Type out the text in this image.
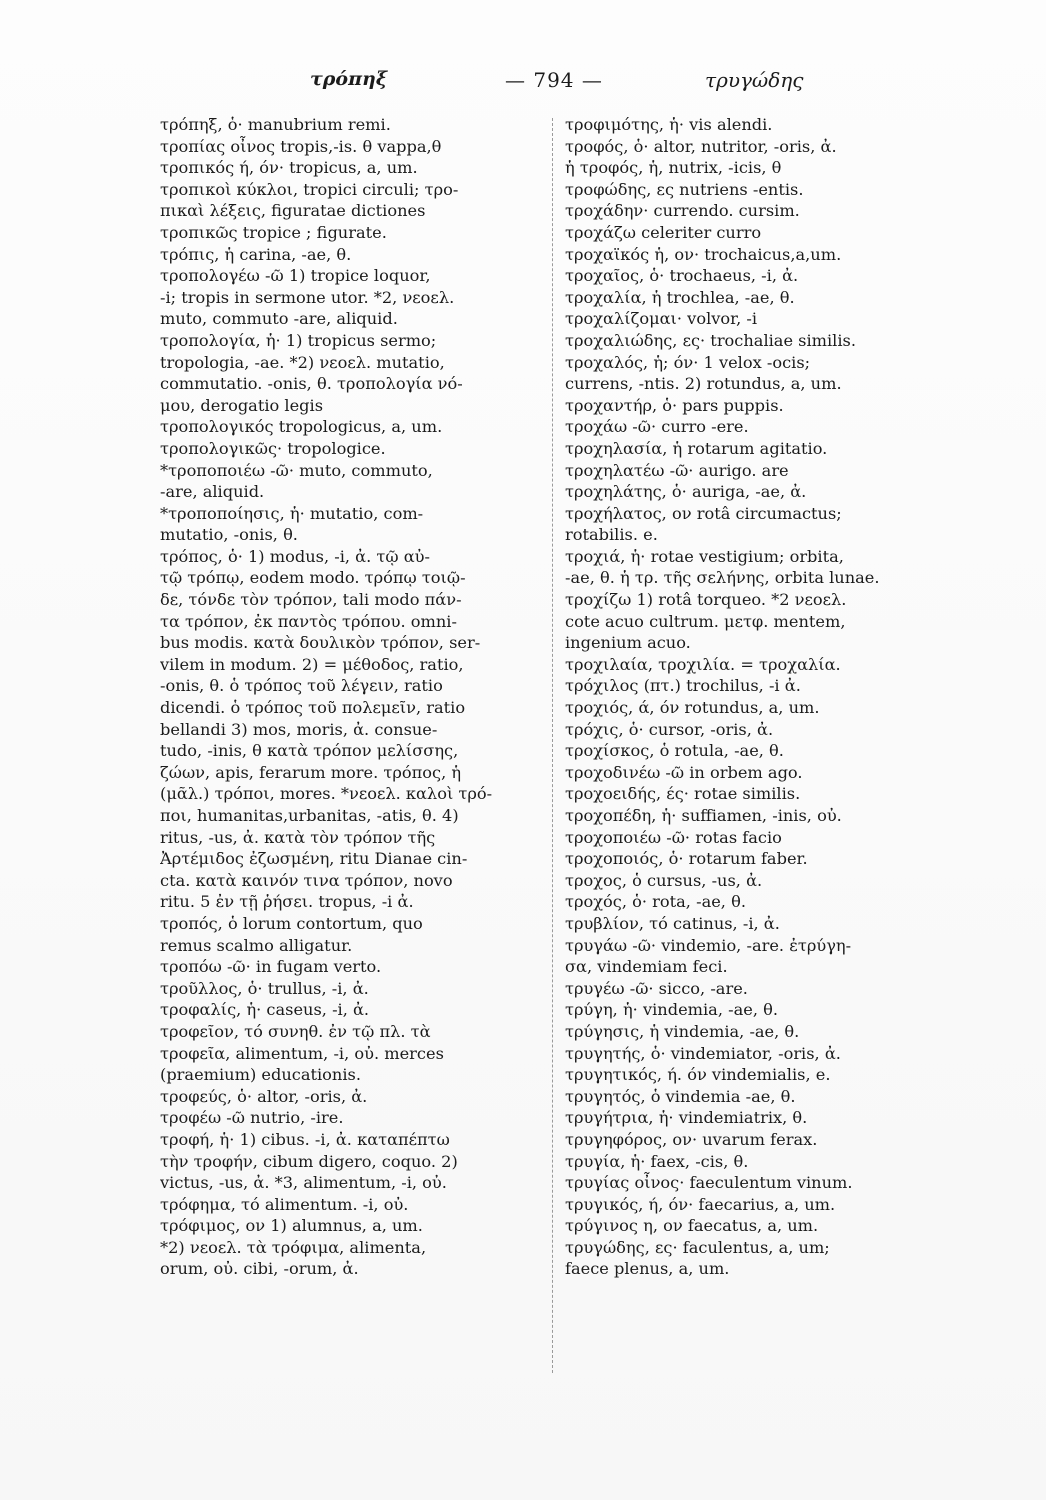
τρόπηξ	— 794 —	τρυγώδης
τρόπηξ, ὁ· manubrium remi.
τροπίας οἶνος tropis,-is. θ vappa,θ
τροπικός ή, όν· tropicus, a, um.
τροπικοὶ κύκλοι, tropici circuli; τρο-
πικαὶ λέξεις, figuratae dictiones
τροπικῶς tropice ; figurate.
τρόπις, ἡ carina, -ae, θ.
τροπολογέω -ῶ 1) tropice loquor,
-i; tropis in sermone utor. *2, νεοελ.
muto, commuto -are, aliquid.
τροπολογία, ἡ· 1) tropicus sermo;
tropologia, -ae. *2) νεοελ. mutatio,
commutatio. -onis, θ. τροπολογία νό-
μου, derogatio legis
τροπολογικός tropologicus, a, um.
τροπολογικῶς· tropologice.
*τροποποιέω -ῶ· muto, commuto,
-are, aliquid.
*τροποποίησις, ἡ· mutatio, com-
mutatio, -onis, θ.
τρόπος, ὁ· 1) modus, -i, ἀ. τῷ αὐ-
τῷ τρόπῳ, eodem modo. τρόπῳ τοιῷ-
δε, τόνδε τὸν τρόπον, tali modo πάν-
τα τρόπον, ἐκ παντὸς τρόπου. omni-
bus modis. κατὰ δουλικὸν τρόπον, ser-
vilem in modum. 2) = μέθοδος, ratio,
-onis, θ. ὁ τρόπος τοῦ λέγειν, ratio
dicendi. ὁ τρόπος τοῦ πολεμεῖν, ratio
bellandi 3) mos, moris, ἀ. consue-
tudo, -inis, θ κατὰ τρόπον μελίσσης,
ζώων, apis, ferarum more. τρόπος, ἡ
(μᾶλ.) τρόποι, mores. *νεοελ. καλοὶ τρό-
ποι, humanitas,urbanitas, -atis, θ. 4)
ritus, -us, ἀ. κατὰ τὸν τρόπον τῆς
Ἀρτέμιδος ἐζωσμένη, ritu Dianae cin-
cta. κατὰ καινόν τινα τρόπον, novo
ritu. 5 ἐν τῇ ῥήσει. tropus, -i ἀ.
τροπός, ὁ lorum contortum, quo
remus scalmo alligatur.
τροπόω -ῶ· in fugam verto.
τροῦλλος, ὁ· trullus, -i, ἀ.
τροφαλίς, ἡ· caseus, -i, ἀ.
τροφεῖον, τό συνηθ. ἐν τῷ πλ. τὰ
τροφεῖα, alimentum, -i, οὐ. merces
(praemium) educationis.
τροφεύς, ὁ· altor, -oris, ἀ.
τροφέω -ῶ nutrio, -ire.
τροφή, ἡ· 1) cibus. -i, ἀ. καταπέπτω
τὴν τροφήν, cibum digero, coquo. 2)
victus, -us, ἀ. *3, alimentum, -i, οὐ.
τρόφημα, τό alimentum. -i, οὐ.
τρόφιμος, ον 1) alumnus, a, um.
*2) νεοελ. τὰ τρόφιμα, alimenta,
orum, οὐ. cibi, -orum, ἀ.
τροφιμότης, ἡ· vis alendi.
τροφός, ὁ· altor, nutritor, -oris, ἀ.
ἡ τροφός, ἡ, nutrix, -icis, θ
τροφώδης, ες nutriens -entis.
τροχάδην· currendo. cursim.
τροχάζω celeriter curro
τροχαϊκός ἡ, ον· trochaicus,a,um.
τροχαῖος, ὁ· trochaeus, -i, ἀ.
τροχαλία, ἡ trochlea, -ae, θ.
τροχαλίζομαι· volvor, -i
τροχαλιώδης, ες· trochaliae similis.
τροχαλός, ἡ; όν· 1 velox -ocis;
currens, -ntis. 2) rotundus, a, um.
τροχαντήρ, ὁ· pars puppis.
τροχάω -ῶ· curro -ere.
τροχηλασία, ἡ rotarum agitatio.
τροχηλατέω -ῶ· aurigo. are
τροχηλάτης, ὁ· auriga, -ae, ἀ.
τροχήλατος, ον rotâ circumactus;
rotabilis. e.
τροχιά, ἡ· rotae vestigium; orbita,
-ae, θ. ἡ τρ. τῆς σελήνης, orbita lunae.
τροχίζω 1) rotâ torqueo. *2 νεοελ.
cote acuo cultrum. μετφ. mentem,
ingenium acuo.
τροχιλαία, τροχιλία. = τροχαλία.
τρόχιλος (πτ.) trochilus, -i ἀ.
τροχιός, ά, όν rotundus, a, um.
τρόχις, ὁ· cursor, -oris, ἀ.
τροχίσκος, ὁ rotula, -ae, θ.
τροχοδινέω -ῶ in orbem ago.
τροχοειδής, ές· rotae similis.
τροχοπέδη, ἡ· suffiamen, -inis, οὐ.
τροχοποιέω -ῶ· rotas facio
τροχοποιός, ὁ· rotarum faber.
τροχος, ὁ cursus, -us, ἀ.
τροχός, ὁ· rota, -ae, θ.
τρυβλίον, τό catinus, -i, ἀ.
τρυγάω -ῶ· vindemio, -are. ἐτρύγη-
σα, vindemiam feci.
τρυγέω -ῶ· sicco, -are.
τρύγη, ἡ· vindemia, -ae, θ.
τρύγησις, ἡ vindemia, -ae, θ.
τρυγητής, ὁ· vindemiator, -oris, ἀ.
τρυγητικός, ή. όν vindemialis, e.
τρυγητός, ὁ vindemia -ae, θ.
τρυγήτρια, ἡ· vindemiatrix, θ.
τρυγηφόρος, ον· uvarum ferax.
τρυγία, ἡ· faex, -cis, θ.
τρυγίας οἶνος· faeculentum vinum.
τρυγικός, ή, όν· faecarius, a, um.
τρύγινος η, ον faecatus, a, um.
τρυγώδης, ες· faculentus, a, um;
faece plenus, a, um.
